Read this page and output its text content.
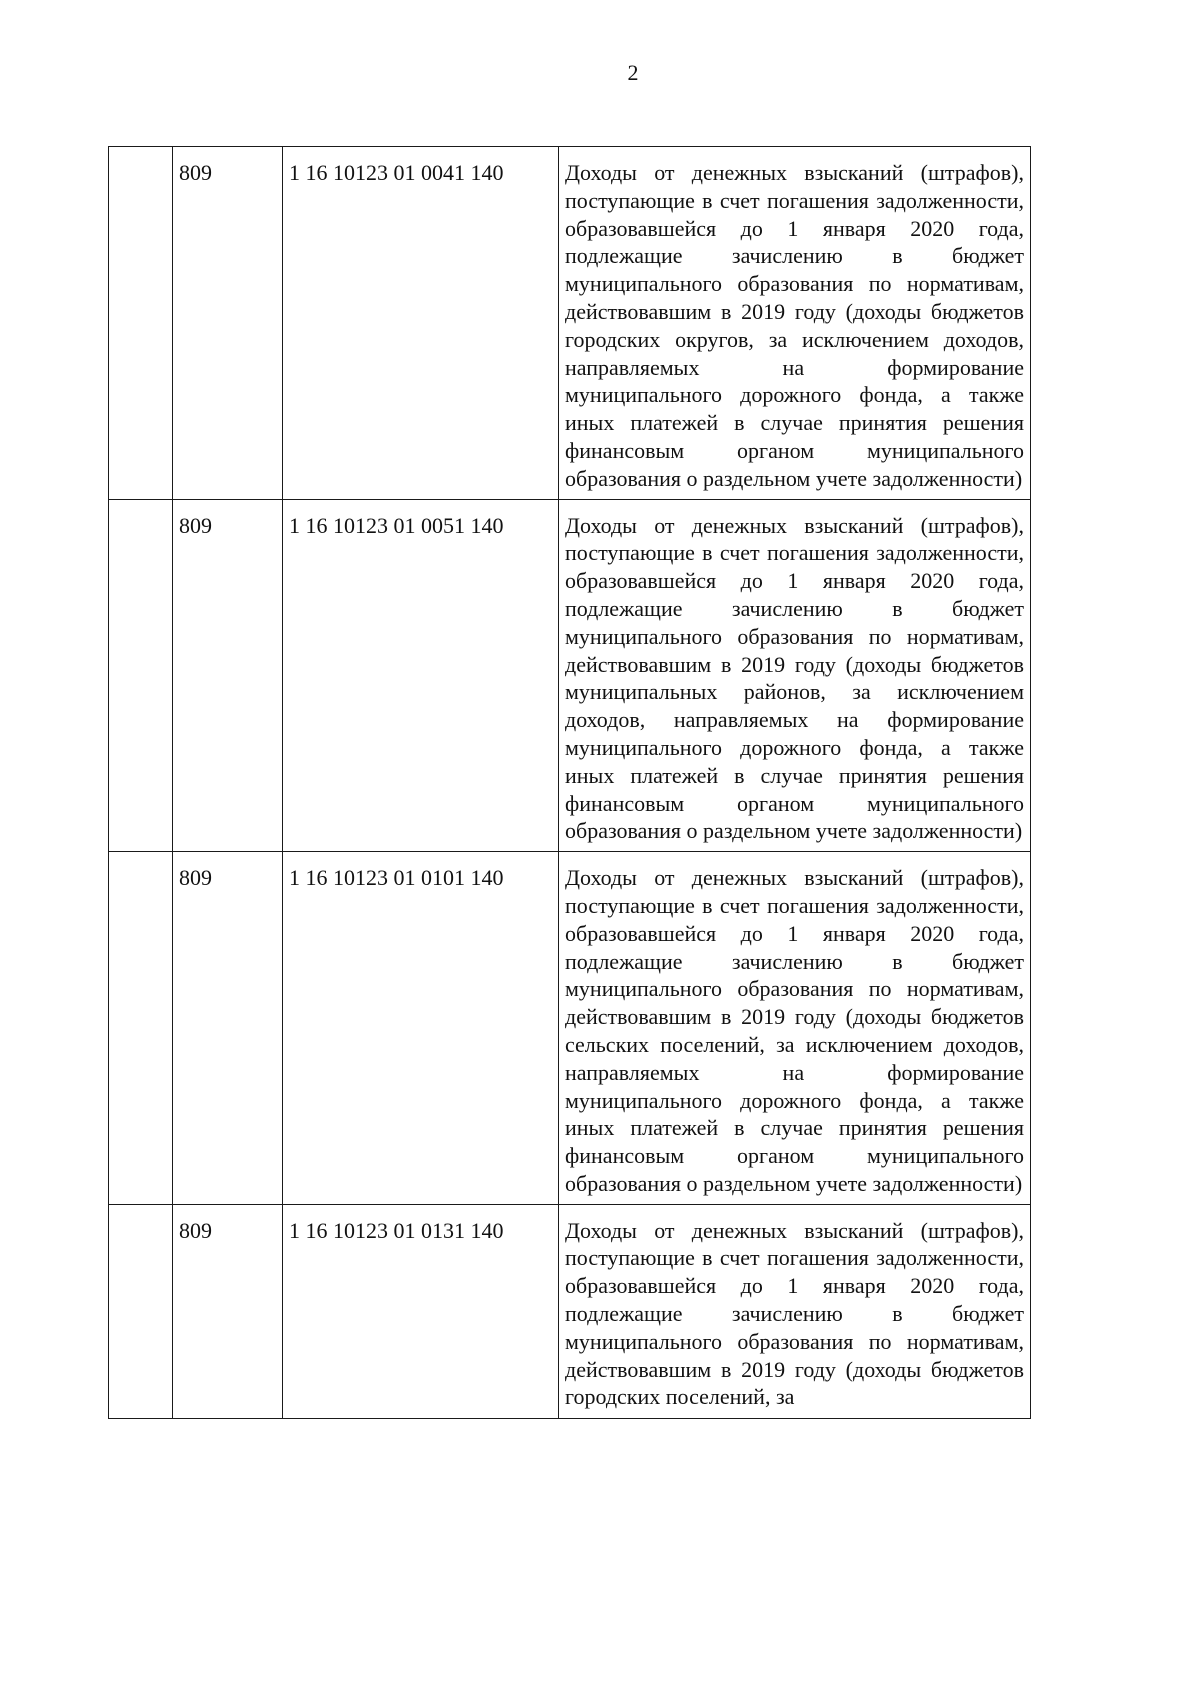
2
	809	1 16 10123 01 0041 140	Доходы от денежных взысканий (штрафов), поступающие в счет погашения задолженности, образовавшейся до 1 января 2020 года, подлежащие зачислению в бюджет муниципального образования по нормативам, действовавшим в 2019 году (доходы бюджетов городских округов, за исключением доходов, направляемых на формирование муниципального дорожного фонда, а также иных платежей в случае принятия решения финансовым органом муниципального образования о раздельном учете задолженности)
	809	1 16 10123 01 0051 140	Доходы от денежных взысканий (штрафов), поступающие в счет погашения задолженности, образовавшейся до 1 января 2020 года, подлежащие зачислению в бюджет муниципального образования по нормативам, действовавшим в 2019 году (доходы бюджетов муниципальных районов, за исключением доходов, направляемых на формирование муниципального дорожного фонда, а также иных платежей в случае принятия решения финансовым органом муниципального образования о раздельном учете задолженности)
	809	1 16 10123 01 0101 140	Доходы от денежных взысканий (штрафов), поступающие в счет погашения задолженности, образовавшейся до 1 января 2020 года, подлежащие зачислению в бюджет муниципального образования по нормативам, действовавшим в 2019 году (доходы бюджетов сельских поселений, за исключением доходов, направляемых на формирование муниципального дорожного фонда, а также иных платежей в случае принятия решения финансовым органом муниципального образования о раздельном учете задолженности)
	809	1 16 10123 01 0131 140	Доходы от денежных взысканий (штрафов), поступающие в счет погашения задолженности, образовавшейся до 1 января 2020 года, подлежащие зачислению в бюджет муниципального образования по нормативам, действовавшим в 2019 году (доходы бюджетов городских поселений, за
